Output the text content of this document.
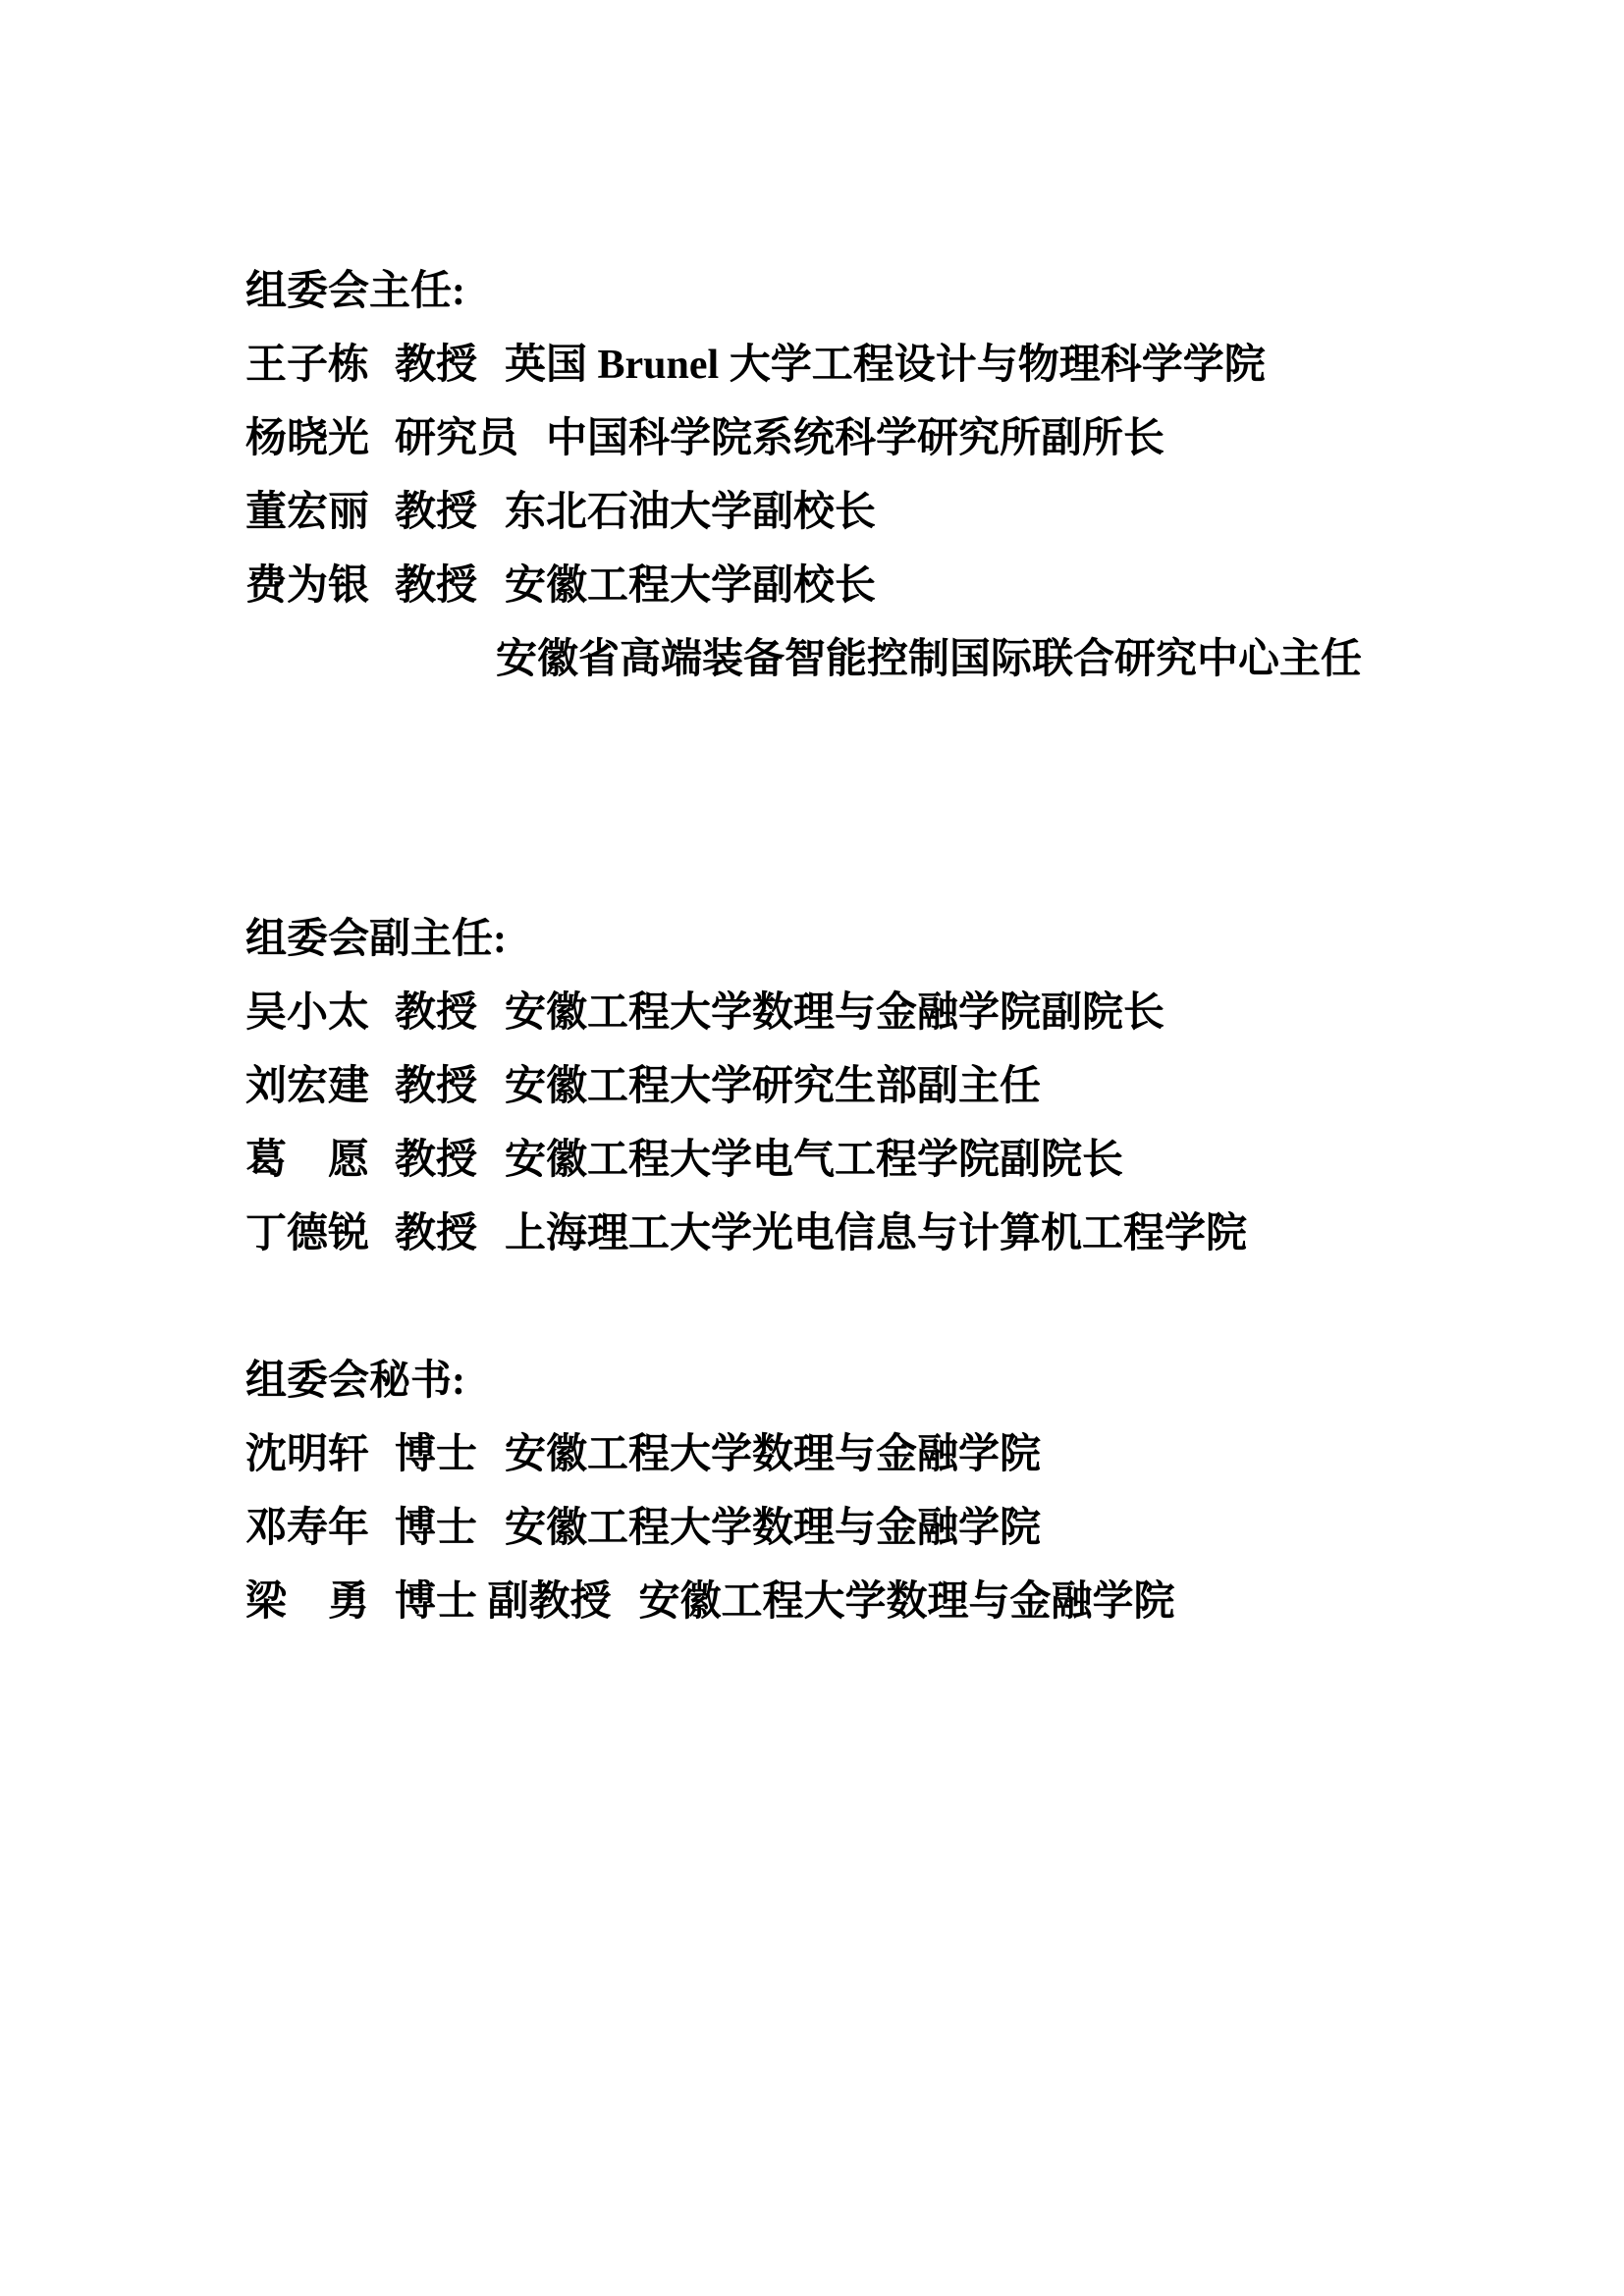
组委会主任:
王子栋 教授 英国 Brunel 大学工程设计与物理科学学院
杨晓光 研究员 中国科学院系统科学研究所副所长
董宏丽 教授 东北石油大学副校长
费为银 教授 安徽工程大学副校长
安徽省高端装备智能控制国际联合研究中心主任
组委会副主任:
吴小太 教授 安徽工程大学数理与金融学院副院长
刘宏建 教授 安徽工程大学研究生部副主任
葛　愿 教授 安徽工程大学电气工程学院副院长
丁德锐 教授 上海理工大学光电信息与计算机工程学院
组委会秘书:
沈明轩 博士 安徽工程大学数理与金融学院
邓寿年 博士 安徽工程大学数理与金融学院
梁　勇 博士 副教授 安徽工程大学数理与金融学院
